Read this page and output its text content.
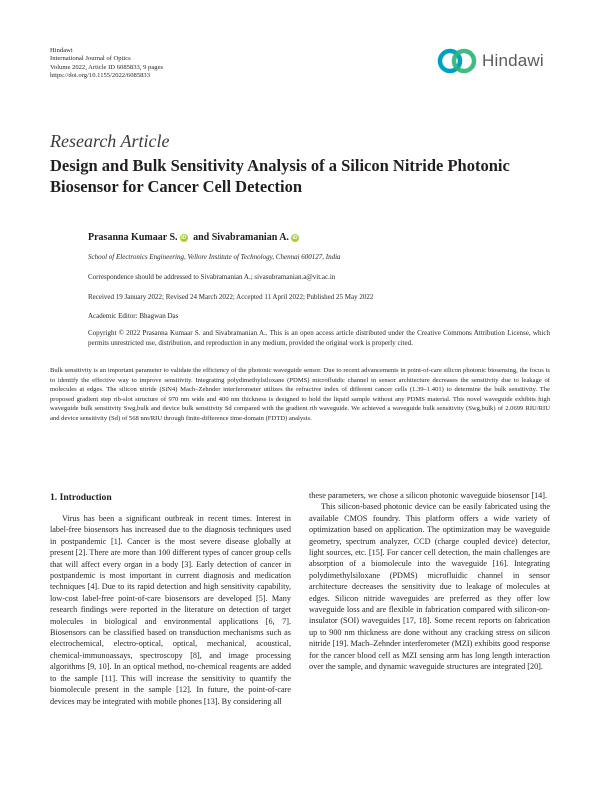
Hindawi
International Journal of Optics
Volume 2022, Article ID 6085833, 9 pages
https://doi.org/10.1155/2022/6085833
Hindawi
Research Article
Design and Bulk Sensitivity Analysis of a Silicon Nitride Photonic Biosensor for Cancer Cell Detection
Prasanna Kumaar S. iD and Sivabramanian A. iD
School of Electronics Engineering, Vellore Institute of Technology, Chennai 600127, India
Correspondence should be addressed to Sivabramanian A.; sivasubramanian.a@vit.ac.in
Received 19 January 2022; Revised 24 March 2022; Accepted 11 April 2022; Published 25 May 2022
Academic Editor: Bhagwan Das
Copyright © 2022 Prasanna Kumaar S. and Sivabramanian A.. This is an open access article distributed under the Creative Commons Attribution License, which permits unrestricted use, distribution, and reproduction in any medium, provided the original work is properly cited.
Bulk sensitivity is an important parameter to validate the efficiency of the photonic waveguide sensor. Due to recent advancements in point-of-care silicon photonic biosensing, the focus is to identify the effective way to improve sensitivity. Integrating polydimethylsiloxane (PDMS) microfluidic channel in sensor architecture decreases the sensitivity due to leakage of molecules at edges. The silicon nitride (SiN4) Mach–Zehnder interferometer utilizes the refractive index of different cancer cells (1.39–1.401) to determine the bulk sensitivity. The proposed gradient step rib-slot structure of 970 nm wide and 400 nm thickness is designed to hold the liquid sample without any PDMS material. This novel waveguide exhibits high waveguide bulk sensitivity Swg,bulk and device bulk sensitivity Sd compared with the gradient rib waveguide. We achieved a waveguide bulk sensitivity (Swg,bulk) of 2.0699 RIU/RIU and device sensitivity (Sd) of 568 nm/RIU through finite-difference time-domain (FDTD) analysis.
1. Introduction
Virus has been a significant outbreak in recent times. Interest in label-free biosensors has increased due to the diagnosis techniques used in postpandemic [1]. Cancer is the most severe disease globally at present [2]. There are more than 100 different types of cancer group cells that will affect every organ in a body [3]. Early detection of cancer in postpandemic is most important in current diagnosis and medication techniques [4]. Due to its rapid detection and high sensitivity capability, low-cost label-free point-of-care biosensors are developed [5]. Many research findings were reported in the literature on detection of target molecules in biological and environmental applications [6, 7]. Biosensors can be classified based on transduction mechanisms such as electrochemical, electro-optical, optical, mechanical, acoustical, chemical-immunoassays, spectroscopy [8], and image processing algorithms [9, 10]. In an optical method, no-chemical reagents are added to the sample [11]. This will increase the sensitivity to quantify the biomolecule present in the sample [12]. In future, the point-of-care devices may be integrated with mobile phones [13]. By considering all

these parameters, we chose a silicon photonic waveguide biosensor [14].

This silicon-based photonic device can be easily fabricated using the available CMOS foundry. This platform offers a wide variety of optimization based on application. The optimization may be waveguide geometry, spectrum analyzer, CCD (charge coupled device) detector, light sources, etc. [15]. For cancer cell detection, the main challenges are absorption of a biomolecule into the waveguide [16]. Integrating polydimethylsiloxane (PDMS) microfluidic channel in sensor architecture decreases the sensitivity due to leakage of molecules at edges. Silicon nitride waveguides are preferred as they offer low waveguide loss and are flexible in fabrication compared with silicon-on-insulator (SOI) waveguides [17, 18]. Some recent reports on fabrication up to 900 nm thickness are done without any cracking stress on silicon nitride [19]. Mach–Zehnder interferometer (MZI) exhibits good response for the cancer blood cell as MZI sensing arm has long length interaction over the sample, and dynamic waveguide structures are integrated [20].
